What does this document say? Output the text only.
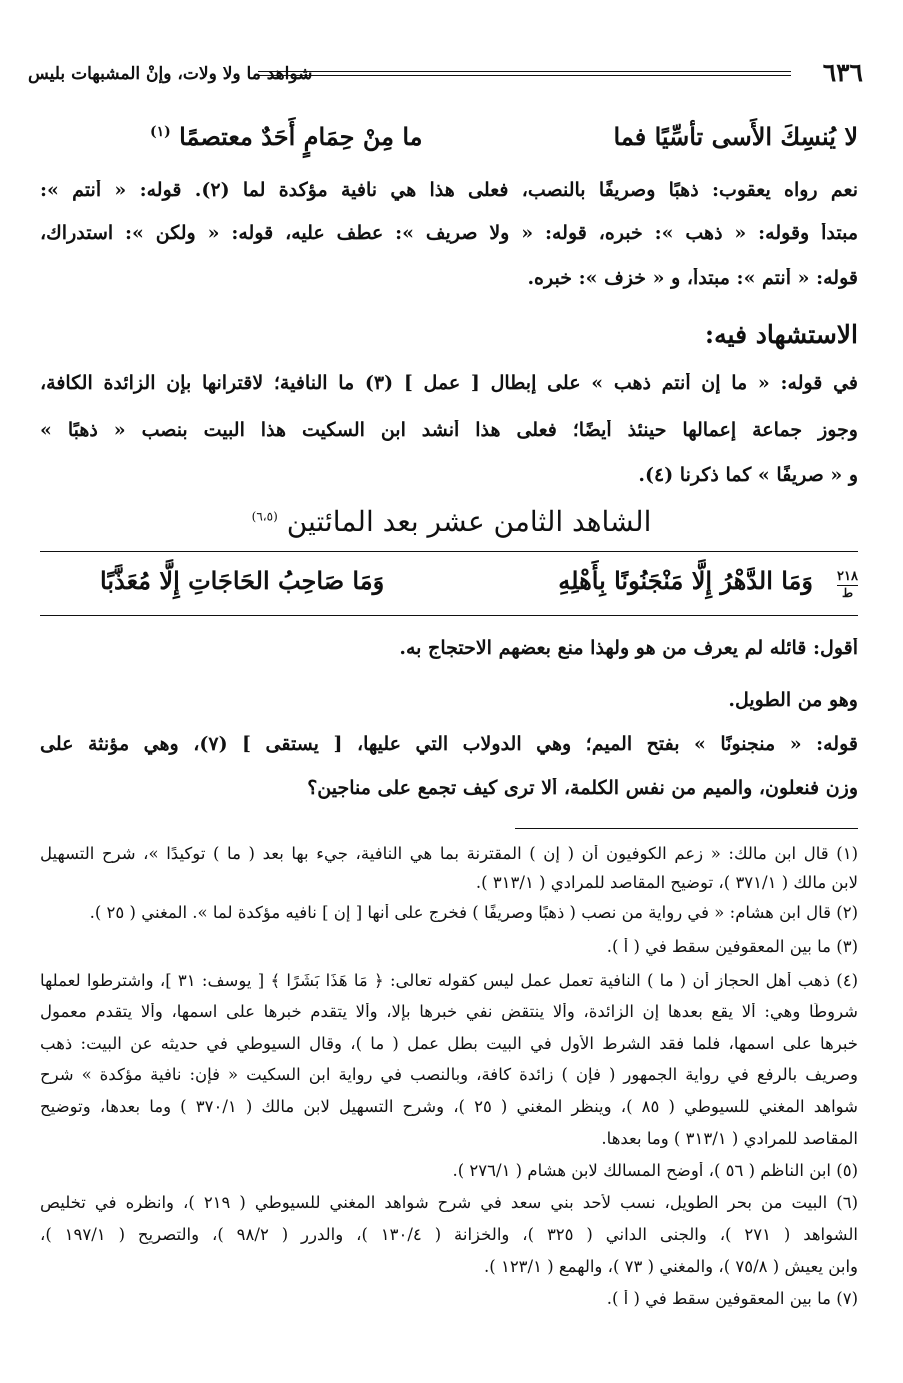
٦٣٦
شواهد ما ولا ولات، وإنْ المشبهات بليس
لا يُنسِكَ الأَسى تأسِّيًا فما
ما مِنْ حِمَامٍ أَحَدٌ معتصمًا $^{(١)}$
نعم رواه يعقوب: ذهبًا وصريفًا بالنصب، فعلى هذا هي نافية مؤكدة لما (٢). قوله: « أنتم »:
مبتدأ وقوله: « ذهب »: خبره، قوله: « ولا صريف »: عطف عليه، قوله: « ولكن »: استدراك،
قوله: « أنتم »: مبتدأ، و « خزف »: خبره.
الاستشهاد فيه:
في قوله: « ما إن أنتم ذهب » على إبطال [ عمل ] (٣) ما النافية؛ لاقترانها بإن الزائدة الكافة،
وجوز جماعة إعمالها حينئذ أيضًا؛ فعلى هذا أنشد ابن السكيت هذا البيت بنصب « ذهبًا »
و « صريفًا » كما ذكرنا (٤).
الشاهد الثامن عشر بعد المائتين $^{(٦،٥)}$
٢١٨
ط
وَمَا الدَّهْرُ إِلَّا مَنْجَنُونًا بِأَهْلِهِ
وَمَا صَاحِبُ الحَاجَاتِ إِلَّا مُعَذَّبًا
أقول: قائله لم يعرف من هو ولهذا منع بعضهم الاحتجاج به.
وهو من الطويل.
قوله: « منجنونًا » بفتح الميم؛ وهي الدولاب التي عليها، [ يستقى ] (٧)، وهي مؤنثة على
وزن فنعلون، والميم من نفس الكلمة، ألا ترى كيف تجمع على مناجين؟
(١) قال ابن مالك: « زعم الكوفيون أن ( إن ) المقترنة بما هي النافية، جيء بها بعد ( ما ) توكيدًا »، شرح التسهيل
لابن مالك ( ٣٧١/١ )، توضيح المقاصد للمرادي ( ٣١٣/١ ).
(٢) قال ابن هشام: « في رواية من نصب ( ذهبًا وصريفًا ) فخرج على أنها [ إن ] نافيه مؤكدة لما ». المغني ( ٢٥ ).
(٣) ما بين المعقوفين سقط في ( أ ).
(٤) ذهب أهل الحجاز أن ( ما ) النافية تعمل عمل ليس كقوله تعالى: ﴿ مَا هَذَا بَشَرًا ﴾ [ يوسف: ٣١ ]، واشترطوا لعملها
شروطًا وهي: ألا يقع بعدها إن الزائدة، وألا ينتقض نفي خبرها بإلا، وألا يتقدم خبرها على اسمها، وألا يتقدم معمول
خبرها على اسمها، فلما فقد الشرط الأول في البيت بطل عمل ( ما )، وقال السيوطي في حديثه عن البيت: ذهب
وصريف بالرفع في رواية الجمهور ( فإن ) زائدة كافة، وبالنصب في رواية ابن السكيت « فإن: نافية مؤكدة » شرح
شواهد المغني للسيوطي ( ٨٥ )، وينظر المغني ( ٢٥ )، وشرح التسهيل لابن مالك ( ٣٧٠/١ ) وما بعدها، وتوضيح
المقاصد للمرادي ( ٣١٣/١ ) وما بعدها.
(٥) ابن الناظم ( ٥٦ )، أوضح المسالك لابن هشام ( ٢٧٦/١ ).
(٦) البيت من بحر الطويل، نسب لأحد بني سعد في شرح شواهد المغني للسيوطي ( ٢١٩ )، وانظره في تخليص
الشواهد ( ٢٧١ )، والجنى الداني ( ٣٢٥ )، والخزانة ( ١٣٠/٤ )، والدرر ( ٩٨/٢ )، والتصريح ( ١٩٧/١ )،
وابن يعيش ( ٧٥/٨ )، والمغني ( ٧٣ )، والهمع ( ١٢٣/١ ).
(٧) ما بين المعقوفين سقط في ( أ ).
